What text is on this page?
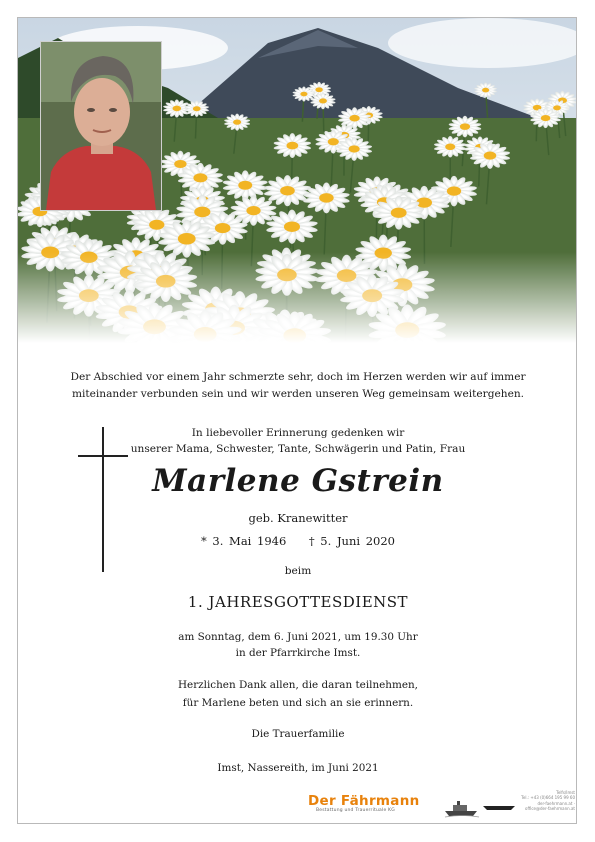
Der Abschied vor einem Jahr schmerzte sehr, doch im Herzen werden wir auf immer
miteinander verbunden sein und wir werden unseren Weg gemeinsam weitergehen.
In liebevoller Erinnerung gedenken wir
unserer Mama, Schwester, Tante, Schwägerin und Patin, Frau
Marlene Gstrein
geb. Kranewitter
* 3. Mai 1946 † 5. Juni 2020
beim
1. JAHRESGOTTESDIENST
am Sonntag, dem 6. Juni 2021, um 19.30 Uhr
in der Pfarrkirche Imst.
Herzlichen Dank allen, die daran teilnehmen,
für Marlene beten und sich an sie erinnern.
Die Trauerfamilie
Imst, Nassereith, im Juni 2021
Der Fährmann
Bestattung und Trauerrituale KG
Telfs/Imst
Tel.: +43 (0)664 195 99 60
der-faehrmann.at · office@der-faehrmann.at
